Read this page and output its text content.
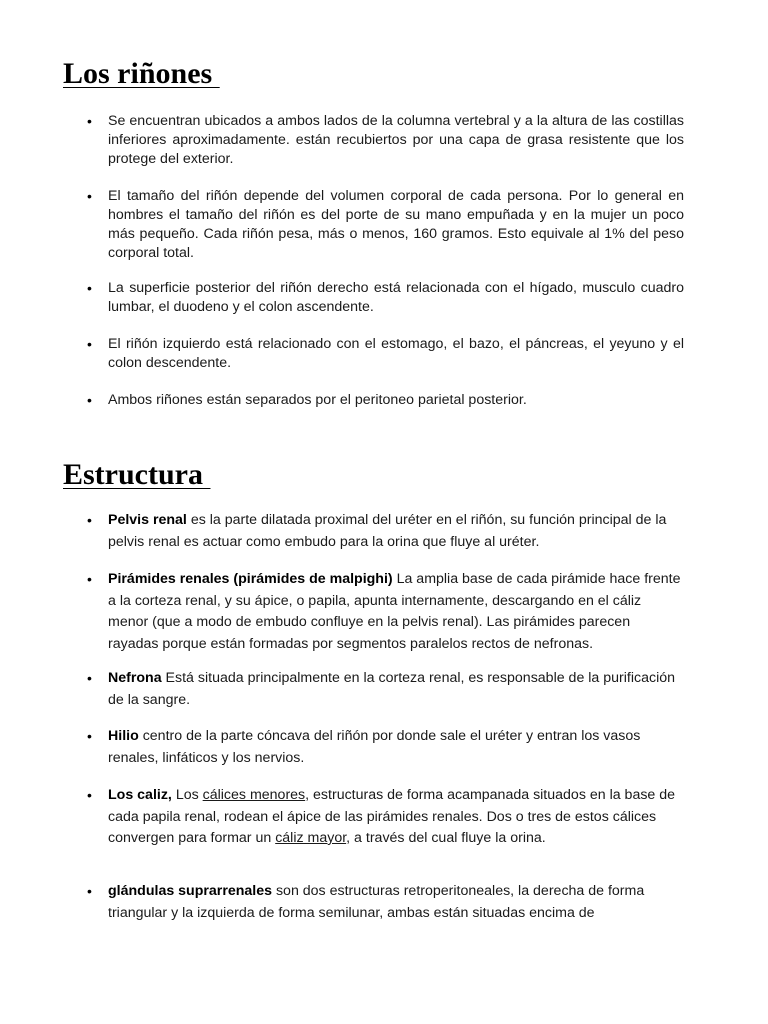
Los riñones
• Se encuentran ubicados a ambos lados de la columna vertebral y a la altura de las costillas inferiores aproximadamente. están recubiertos por una capa de grasa resistente que los protege del exterior.
• El tamaño del riñón depende del volumen corporal de cada persona. Por lo general en hombres el tamaño del riñón es del porte de su mano empuñada y en la mujer un poco más pequeño. Cada riñón pesa, más o menos, 160 gramos. Esto equivale al 1% del peso corporal total.
• La superficie posterior del riñón derecho está relacionada con el hígado, musculo cuadro lumbar, el duodeno y el colon ascendente.
• El riñón izquierdo está relacionado con el estomago, el bazo, el páncreas, el yeyuno y el colon descendente.
• Ambos riñones están separados por el peritoneo parietal posterior.
Estructura
• Pelvis renal es la parte dilatada proximal del uréter en el riñón, su función principal de la pelvis renal es actuar como embudo para la orina que fluye al uréter.
• Pirámides renales (pirámides de malpighi) La amplia base de cada pirámide hace frente a la corteza renal, y su ápice, o papila, apunta internamente, descargando en el cáliz menor (que a modo de embudo confluye en la pelvis renal). Las pirámides parecen rayadas porque están formadas por segmentos paralelos rectos de nefronas.
• Nefrona Está situada principalmente en la corteza renal, es responsable de la purificación de la sangre.
• Hilio centro de la parte cóncava del riñón por donde sale el uréter y entran los vasos renales, linfáticos y los nervios.
• Los caliz, Los cálices menores, estructuras de forma acampanada situados en la base de cada papila renal, rodean el ápice de las pirámides renales. Dos o tres de estos cálices convergen para formar un cáliz mayor, a través del cual fluye la orina.
• glándulas suprarrenales son dos estructuras retroperitoneales, la derecha de forma triangular y la izquierda de forma semilunar, ambas están situadas encima de
